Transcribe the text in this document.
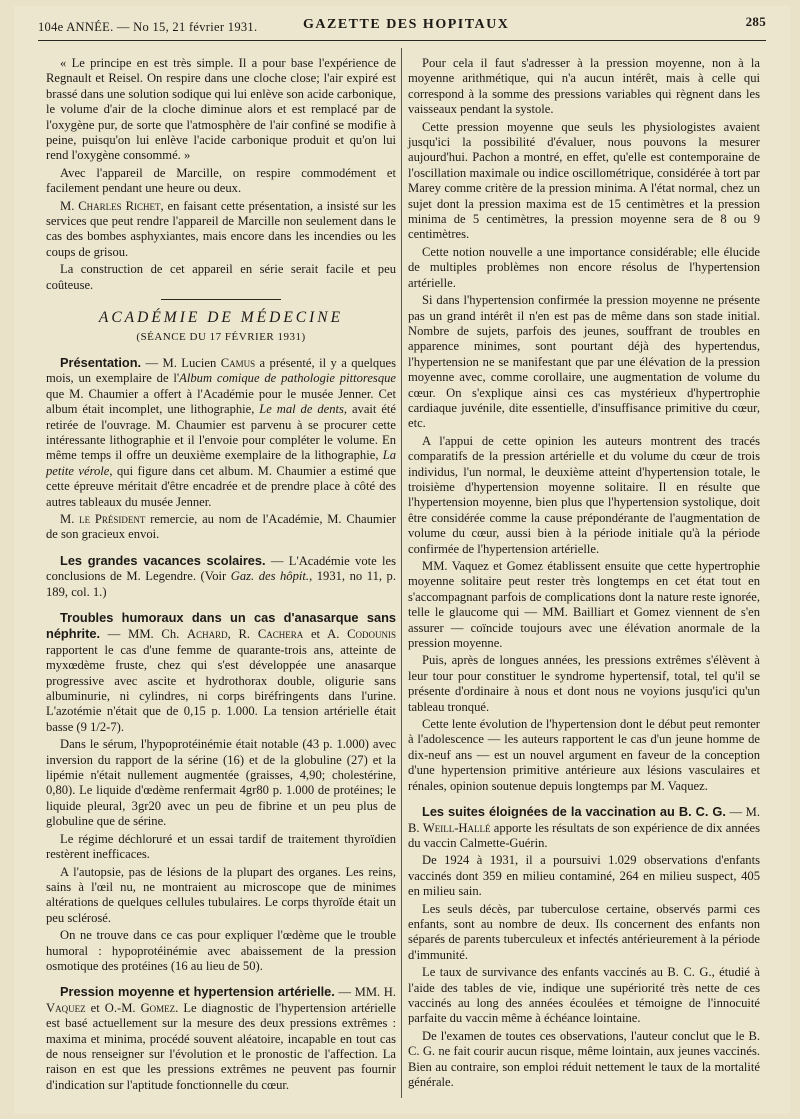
104e ANNÉE. — No 15, 21 février 1931.	GAZETTE DES HOPITAUX	285

« Le principe en est très simple. Il a pour base l'expérience de Regnault et Reisel. On respire dans une cloche close; l'air expiré est brassé dans une solution sodique qui lui enlève son acide carbonique, le volume d'air de la cloche diminue alors et est remplacé par de l'oxygène pur, de sorte que l'atmosphère de l'air confiné se modifie à peine, puisqu'on lui enlève l'acide carbonique produit et qu'on lui rend l'oxygène consommé. »

Avec l'appareil de Marcille, on respire commodément et facilement pendant une heure ou deux.

M. Charles Richet, en faisant cette présentation, a insisté sur les services que peut rendre l'appareil de Marcille non seulement dans le cas des bombes asphyxiantes, mais encore dans les incendies ou les coups de grisou.

La construction de cet appareil en série serait facile et peu coûteuse.

ACADÉMIE DE MÉDECINE
(SÉANCE DU 17 FÉVRIER 1931)

Présentation. — M. Lucien Camus a présenté, il y a quelques mois, un exemplaire de l'Album comique de pathologie pittoresque que M. Chaumier a offert à l'Académie pour le musée Jenner. Cet album était incomplet, une lithographie, Le mal de dents, avait été retirée de l'ouvrage. M. Chaumier est parvenu à se procurer cette intéressante lithographie et il l'envoie pour compléter le volume. En même temps il offre un deuxième exemplaire de la lithographie, La petite vérole, qui figure dans cet album. M. Chaumier a estimé que cette épreuve méritait d'être encadrée et de prendre place à côté des autres tableaux du musée Jenner.

M. le Président remercie, au nom de l'Académie, M. Chaumier de son gracieux envoi.

Les grandes vacances scolaires. — L'Académie vote les conclusions de M. Legendre. (Voir Gaz. des hôpit., 1931, no 11, p. 189, col. 1.)

Troubles humoraux dans un cas d'anasarque sans néphrite. — MM. Ch. Achard, R. Cachera et A. Codounis rapportent le cas d'une femme de quarante-trois ans, atteinte de myxœdème fruste, chez qui s'est développée une anasarque progressive avec ascite et hydrothorax double, oligurie sans albuminurie, ni cylindres, ni corps biréfringents dans l'urine. L'azotémie n'était que de 0,15 p. 1.000. La tension artérielle était basse (9 1/2-7).

Dans le sérum, l'hypoprotéinémie était notable (43 p. 1.000) avec inversion du rapport de la sérine (16) et de la globuline (27) et la lipémie n'était nullement augmentée (graisses, 4,90; cholestérine, 0,80). Le liquide d'œdème renfermait 4gr80 p. 1.000 de protéines; le liquide pleural, 3gr20 avec un peu de fibrine et un peu plus de globuline que de sérine.

Le régime déchloruré et un essai tardif de traitement thyroïdien restèrent inefficaces.

A l'autopsie, pas de lésions de la plupart des organes. Les reins, sains à l'œil nu, ne montraient au microscope que de minimes altérations de quelques cellules tubulaires. Le corps thyroïde était un peu sclérosé.

On ne trouve dans ce cas pour expliquer l'œdème que le trouble humoral : hypoprotéinémie avec abaissement de la pression osmotique des protéines (16 au lieu de 50).

Pression moyenne et hypertension artérielle. — MM. H. Vaquez et O.-M. Gomez. Le diagnostic de l'hypertension artérielle est basé actuellement sur la mesure des deux pressions extrêmes : maxima et minima, procédé souvent aléatoire, incapable en tout cas de nous renseigner sur l'évolution et le pronostic de l'affection. La raison en est que les pressions extrêmes ne peuvent pas fournir d'indication sur l'aptitude fonctionnelle du cœur.

Pour cela il faut s'adresser à la pression moyenne, non à la moyenne arithmétique, qui n'a aucun intérêt, mais à celle qui correspond à la somme des pressions variables qui règnent dans les vaisseaux pendant la systole.

Cette pression moyenne que seuls les physiologistes avaient jusqu'ici la possibilité d'évaluer, nous pouvons la mesurer aujourd'hui. Pachon a montré, en effet, qu'elle est contemporaine de l'oscillation maximale ou indice oscillométrique, considérée à tort par Marey comme critère de la pression minima. A l'état normal, chez un sujet dont la pression maxima est de 15 centimètres et la pression minima de 5 centimètres, la pression moyenne sera de 8 ou 9 centimètres.

Cette notion nouvelle a une importance considérable; elle élucide de multiples problèmes non encore résolus de l'hypertension artérielle.

Si dans l'hypertension confirmée la pression moyenne ne présente pas un grand intérêt il n'en est pas de même dans son stade initial. Nombre de sujets, parfois des jeunes, souffrant de troubles en apparence minimes, sont pourtant déjà des hypertendus, l'hypertension ne se manifestant que par une élévation de la pression moyenne avec, comme corollaire, une augmentation de volume du cœur. On s'explique ainsi ces cas mystérieux d'hypertrophie cardiaque juvénile, dite essentielle, d'insuffisance primitive du cœur, etc.

A l'appui de cette opinion les auteurs montrent des tracés comparatifs de la pression artérielle et du volume du cœur de trois individus, l'un normal, le deuxième atteint d'hypertension totale, le troisième d'hypertension moyenne solitaire. Il en résulte que l'hypertension moyenne, bien plus que l'hypertension systolique, doit être considérée comme la cause prépondérante de l'augmentation de volume du cœur, aussi bien à la période initiale qu'à la période confirmée de l'hypertension artérielle.

MM. Vaquez et Gomez établissent ensuite que cette hypertrophie moyenne solitaire peut rester très longtemps en cet état tout en s'accompagnant parfois de complications dont la nature reste ignorée, telle le glaucome qui — MM. Bailliart et Gomez viennent de s'en assurer — coïncide toujours avec une élévation anormale de la pression moyenne.

Puis, après de longues années, les pressions extrêmes s'élèvent à leur tour pour constituer le syndrome hypertensif, total, tel qu'il se présente d'ordinaire à nous et dont nous ne voyions jusqu'ici qu'un tableau tronqué.

Cette lente évolution de l'hypertension dont le début peut remonter à l'adolescence — les auteurs rapportent le cas d'un jeune homme de dix-neuf ans — est un nouvel argument en faveur de la conception d'une hypertension primitive antérieure aux lésions vasculaires et rénales, opinion soutenue depuis longtemps par M. Vaquez.

Les suites éloignées de la vaccination au B. C. G. — M. B. Weill-Hallé apporte les résultats de son expérience de dix années du vaccin Calmette-Guérin.

De 1924 à 1931, il a poursuivi 1.029 observations d'enfants vaccinés dont 359 en milieu contaminé, 264 en milieu suspect, 405 en milieu sain.

Les seuls décès, par tuberculose certaine, observés parmi ces enfants, sont au nombre de deux. Ils concernent des enfants non séparés de parents tuberculeux et infectés antérieurement à la période d'immunité.

Le taux de survivance des enfants vaccinés au B. C. G., étudié à l'aide des tables de vie, indique une supériorité très nette de ces vaccinés au long des années écoulées et témoigne de l'innocuité parfaite du vaccin même à échéance lointaine.

De l'examen de toutes ces observations, l'auteur conclut que le B. C. G. ne fait courir aucun risque, même lointain, aux jeunes vaccinés. Bien au contraire, son emploi réduit nettement le taux de la mortalité générale.
